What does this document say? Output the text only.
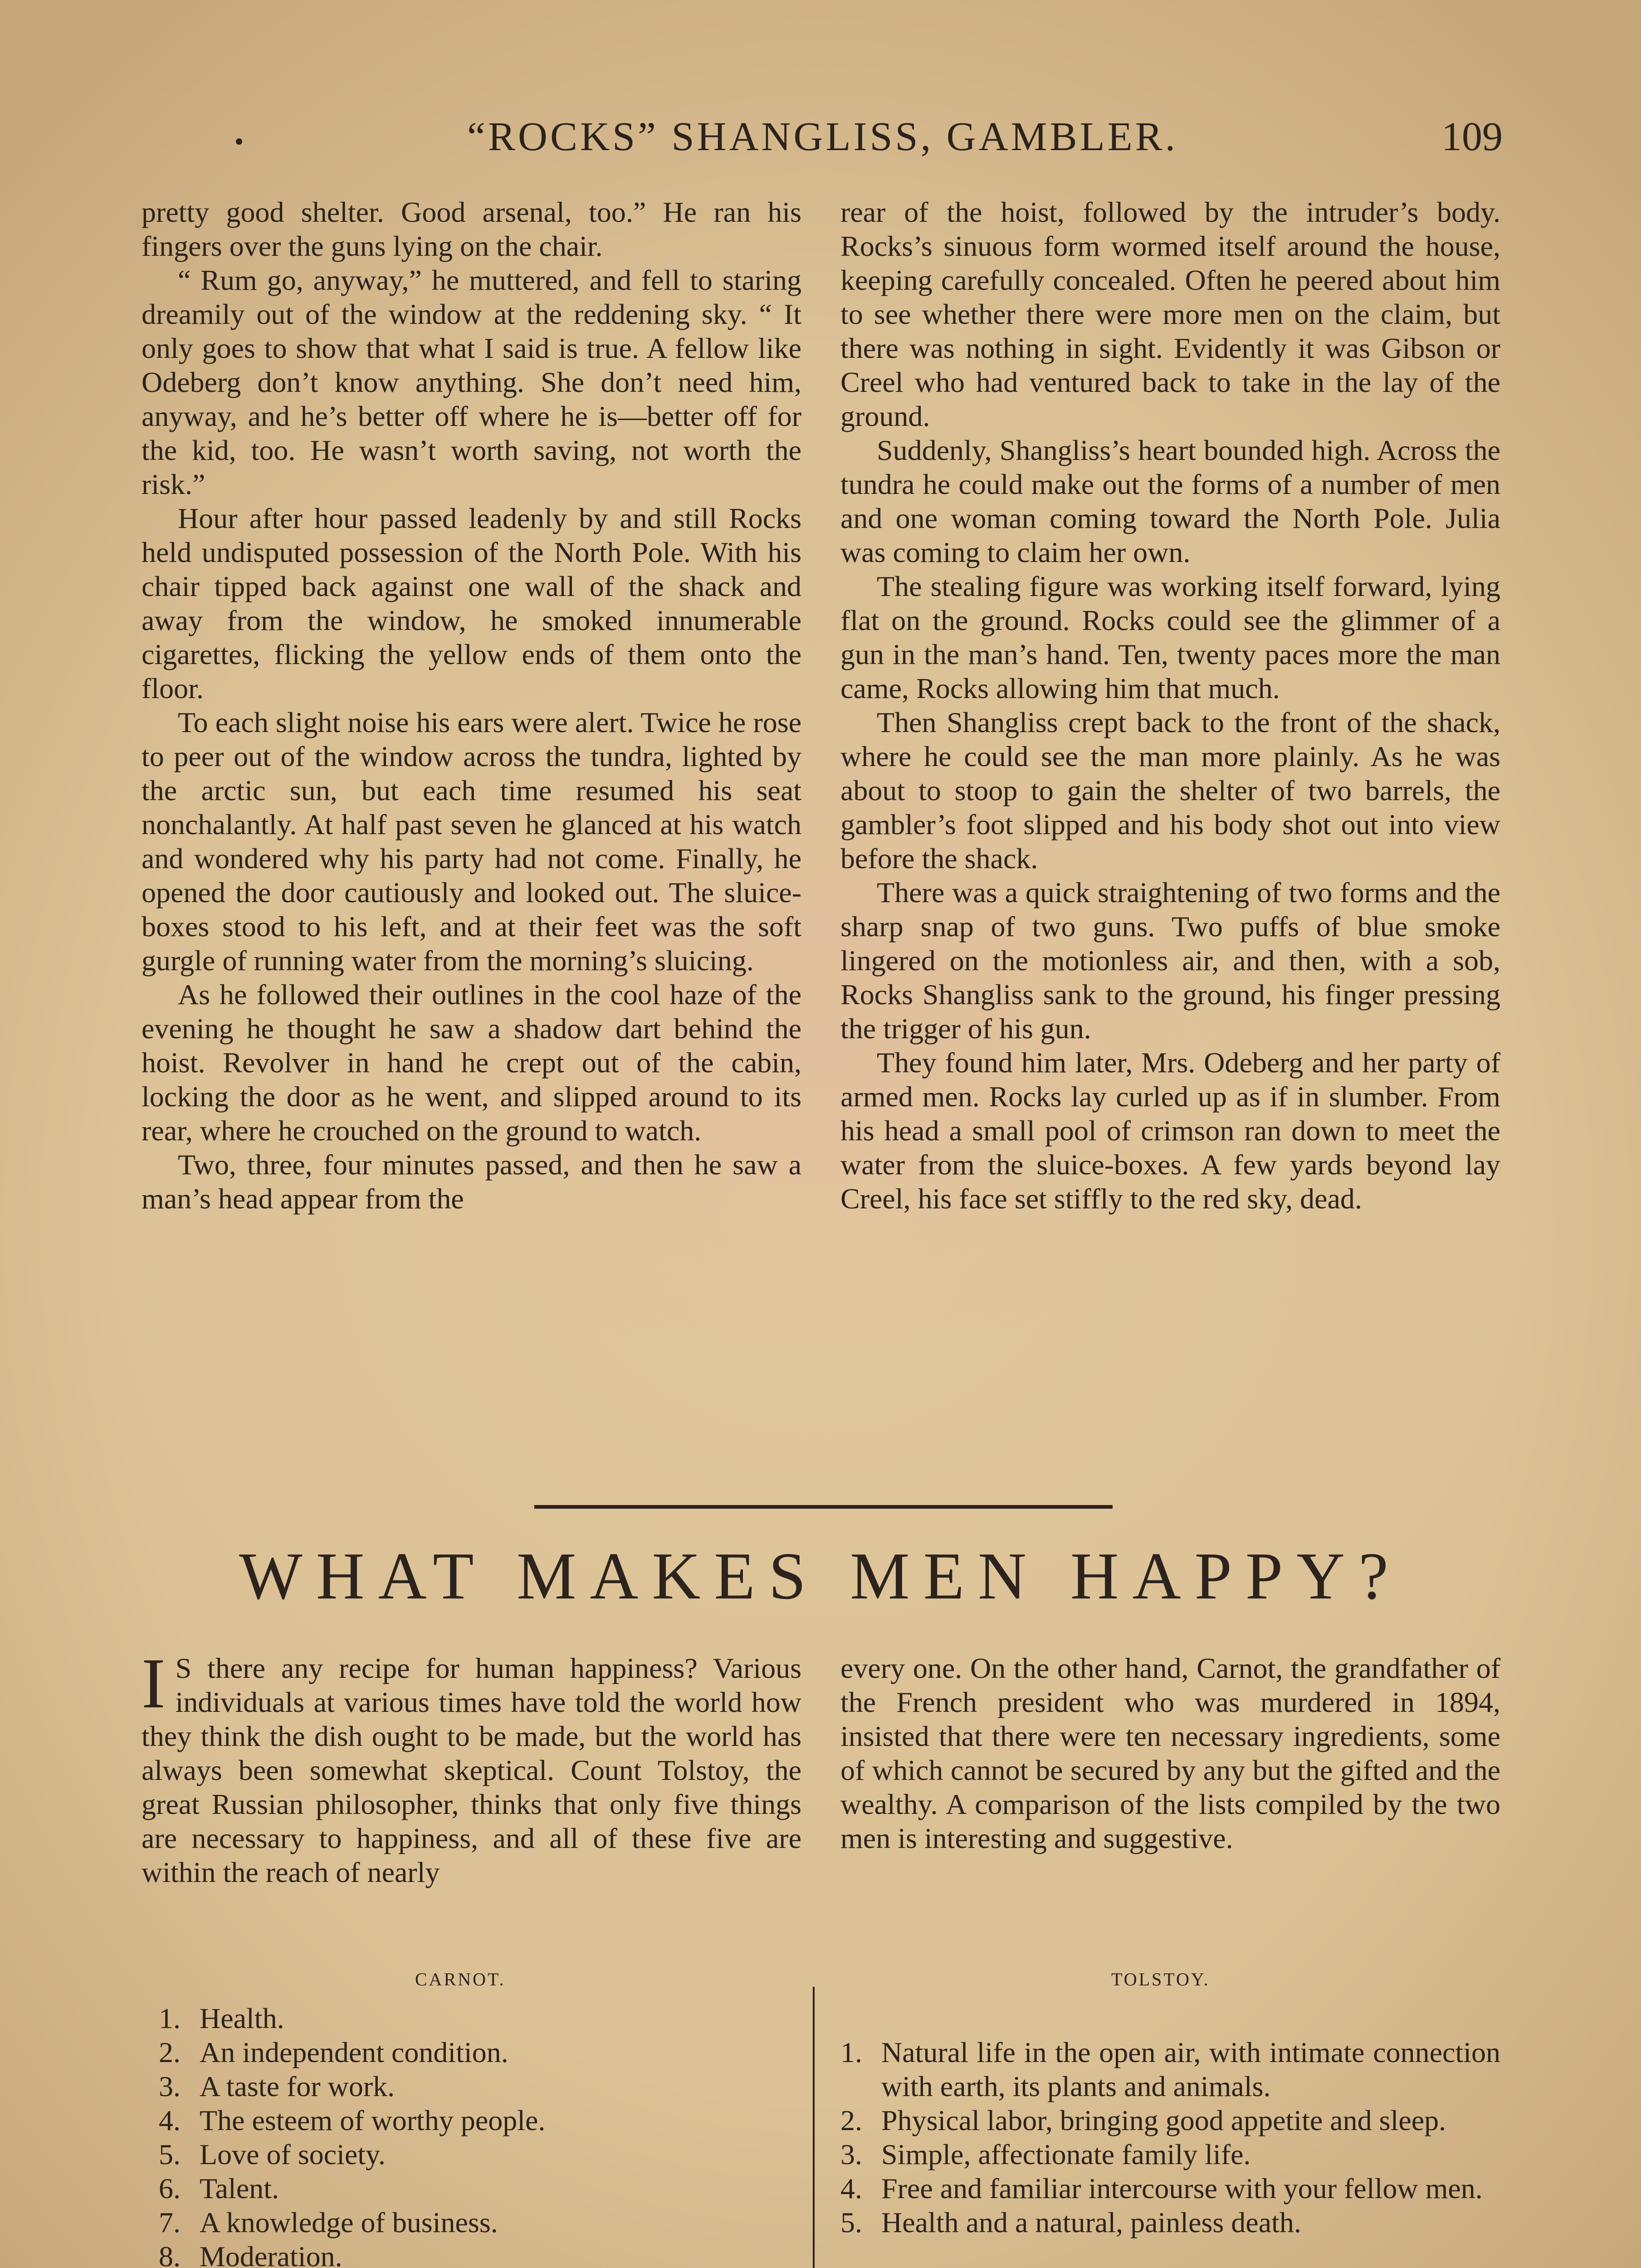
“ROCKS” SHANGLISS, GAMBLER.	109

pretty good shelter. Good arsenal, too.” He ran his fingers over the guns lying on the chair.

“ Rum go, anyway,” he muttered, and fell to staring dreamily out of the window at the reddening sky. “ It only goes to show that what I said is true. A fellow like Odeberg don’t know anything. She don’t need him, anyway, and he’s better off where he is—better off for the kid, too. He wasn’t worth saving, not worth the risk.”

Hour after hour passed leadenly by and still Rocks held undisputed possession of the North Pole. With his chair tipped back against one wall of the shack and away from the window, he smoked innumerable cigarettes, flicking the yellow ends of them onto the floor.

To each slight noise his ears were alert. Twice he rose to peer out of the window across the tundra, lighted by the arctic sun, but each time resumed his seat nonchalantly. At half past seven he glanced at his watch and wondered why his party had not come. Finally, he opened the door cautiously and looked out. The sluice-boxes stood to his left, and at their feet was the soft gurgle of running water from the morning’s sluicing.

As he followed their outlines in the cool haze of the evening he thought he saw a shadow dart behind the hoist. Revolver in hand he crept out of the cabin, locking the door as he went, and slipped around to its rear, where he crouched on the ground to watch.

Two, three, four minutes passed, and then he saw a man’s head appear from the

rear of the hoist, followed by the intruder’s body. Rocks’s sinuous form wormed itself around the house, keeping carefully concealed. Often he peered about him to see whether there were more men on the claim, but there was nothing in sight. Evidently it was Gibson or Creel who had ventured back to take in the lay of the ground.

Suddenly, Shangliss’s heart bounded high. Across the tundra he could make out the forms of a number of men and one woman coming toward the North Pole. Julia was coming to claim her own.

The stealing figure was working itself forward, lying flat on the ground. Rocks could see the glimmer of a gun in the man’s hand. Ten, twenty paces more the man came, Rocks allowing him that much.

Then Shangliss crept back to the front of the shack, where he could see the man more plainly. As he was about to stoop to gain the shelter of two barrels, the gambler’s foot slipped and his body shot out into view before the shack.

There was a quick straightening of two forms and the sharp snap of two guns. Two puffs of blue smoke lingered on the motionless air, and then, with a sob, Rocks Shangliss sank to the ground, his finger pressing the trigger of his gun.

They found him later, Mrs. Odeberg and her party of armed men. Rocks lay curled up as if in slumber. From his head a small pool of crimson ran down to meet the water from the sluice-boxes. A few yards beyond lay Creel, his face set stiffly to the red sky, dead.

WHAT MAKES MEN HAPPY?

I S there any recipe for human happiness? Various individuals at various times have told the world how they think the dish ought to be made, but the world has always been somewhat skeptical. Count Tolstoy, the great Russian philosopher, thinks that only five things are necessary to happiness, and all of these five are within the reach of nearly

every one. On the other hand, Carnot, the grandfather of the French president who was murdered in 1894, insisted that there were ten necessary ingredients, some of which cannot be secured by any but the gifted and the wealthy. A comparison of the lists compiled by the two men is interesting and suggestive.

CARNOT.	TOLSTOY.
1. Health.
2. An independent condition.
3. A taste for work.
4. The esteem of worthy people.
5. Love of society.
6. Talent.
7. A knowledge of business.
8. Moderation.
1. Natural life in the open air, with intimate connection with earth, its plants and animals.
2. Physical labor, bringing good appetite and sleep.
3. Simple, affectionate family life.
4. Free and familiar intercourse with your fellow men.
5. Health and a natural, painless death.
